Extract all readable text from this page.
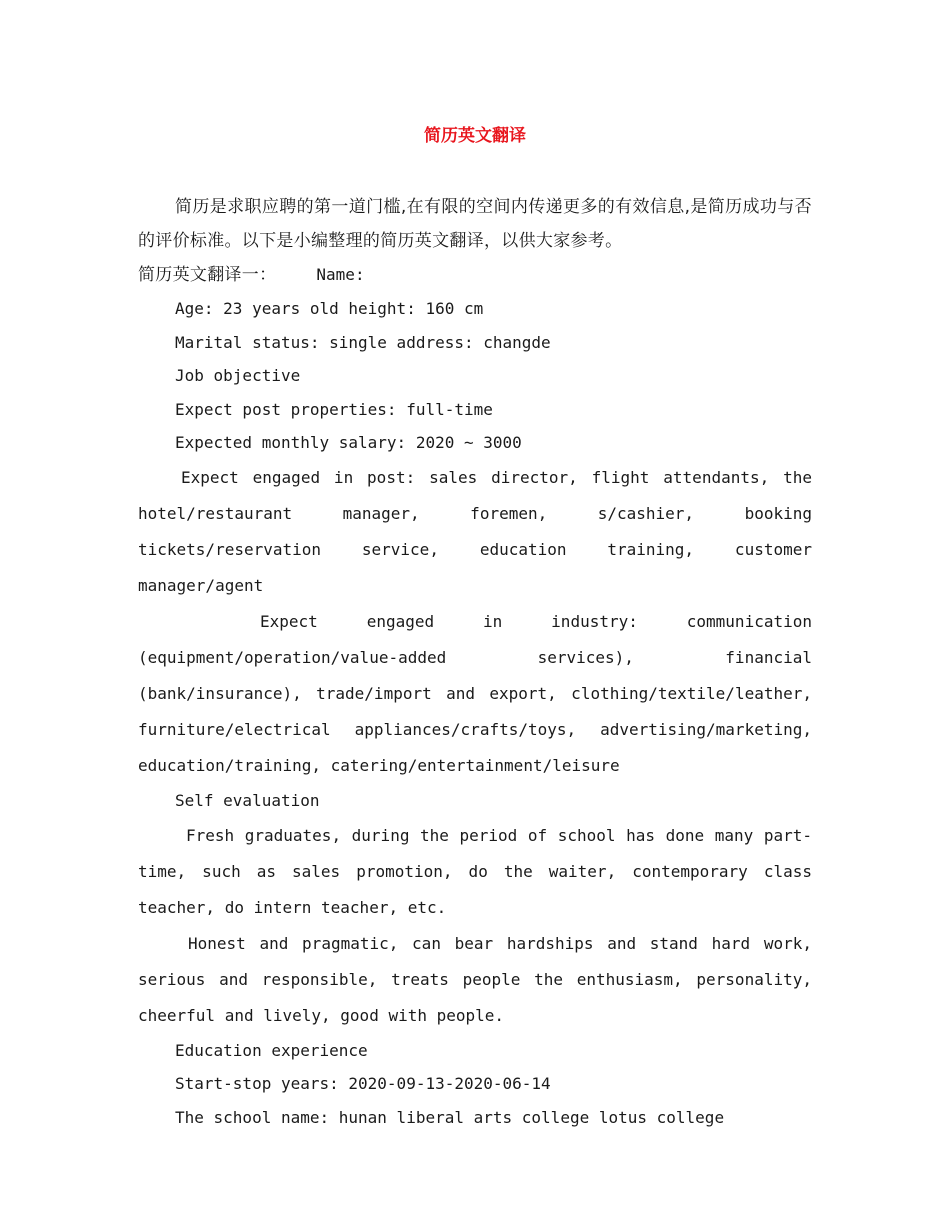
简历英文翻译

简历是求职应聘的第一道门槛,在有限的空间内传递更多的有效信息,是简历成功与否的评价标准。以下是小编整理的简历英文翻译，以供大家参考。

简历英文翻译一：	Name:

Age: 23 years old height: 160 cm

Marital status: single address: changde

Job objective

Expect post properties: full-time

Expected monthly salary: 2020 ~ 3000

Expect engaged in post: sales director, flight attendants, the hotel/restaurant manager, foremen, s/cashier, booking tickets/reservation service, education training, customer manager/agent

Expect engaged in industry: communication (equipment/operation/value-added services), financial (bank/insurance), trade/import and export, clothing/textile/leather, furniture/electrical appliances/crafts/toys, advertising/marketing, education/training, catering/entertainment/leisure

Self evaluation

Fresh graduates, during the period of school has done many part-time, such as sales promotion, do the waiter, contemporary class teacher, do intern teacher, etc.

Honest and pragmatic, can bear hardships and stand hard work, serious and responsible, treats people the enthusiasm, personality, cheerful and lively, good with people.

Education experience

Start-stop years: 2020-09-13-2020-06-14

The school name: hunan liberal arts college lotus college
